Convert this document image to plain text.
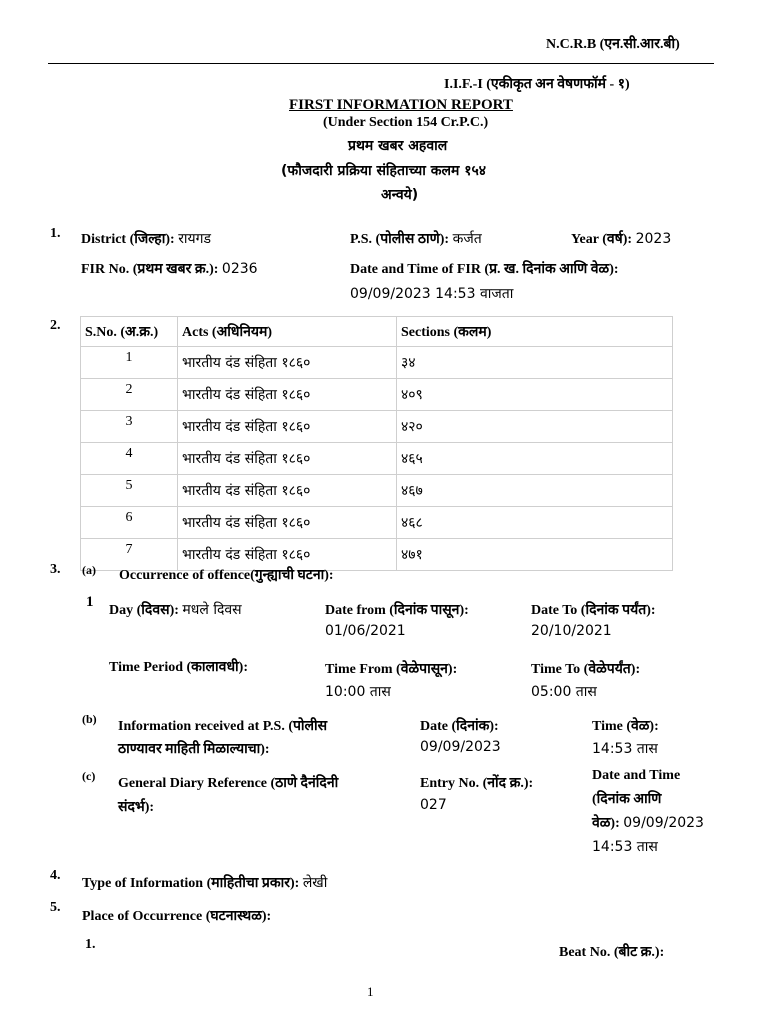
N.C.R.B (एन.सी.आर.बी)
I.I.F.-I (एकीकृत अन वेषणफॉर्म - १)
FIRST INFORMATION REPORT
(Under Section 154 Cr.P.C.)
प्रथम खबर अहवाल
(फौजदारी प्रक्रिया संहिताच्या कलम १५४
अन्वये)
1. District (जिल्हा): रायगड	P.S. (पोलीस ठाणे): कर्जत	Year (वर्ष): 2023
FIR No. (प्रथम खबर क्र.): 0236	Date and Time of FIR (प्र. ख. दिनांक आणि वेळ):
09/09/2023 14:53 वाजता
2. S.No. (अ.क्र.)	Acts (अधिनियम)	Sections (कलम)
1	भारतीय दंड संहिता १८६०	३४
2	भारतीय दंड संहिता १८६०	४०९
3	भारतीय दंड संहिता १८६०	४२०
4	भारतीय दंड संहिता १८६०	४६५
5	भारतीय दंड संहिता १८६०	४६७
6	भारतीय दंड संहिता १८६०	४६८
7	भारतीय दंड संहिता १८६०	४७१
3. (a) Occurrence of offence(गुन्ह्याची घटना):
1
Day (दिवस): मधले दिवस	Date from (दिनांक पासून):
01/06/2021
Date To (दिनांक पर्यंत):
20/10/2021
Time Period (कालावधी):	Time From (वेळेपासून):
10:00 तास
Time To (वेळेपर्यंत):
05:00 तास
(b) Information received at P.S. (पोलीस
ठाण्यावर माहिती मिळाल्याचा):
Date (दिनांक):
09/09/2023
Time (वेळ):
14:53 तास
(c) General Diary Reference (ठाणे दैनंदिनी
संदर्भ):
Entry No. (नोंद क्र.):
027
Date and Time
(दिनांक आणि
वेळ): 09/09/2023
14:53 तास
4.
Type of Information (माहितीचा प्रकार): लेखी
5.
Place of Occurrence (घटनास्थळ):
1.
Beat No. (बीट क्र.):
1
